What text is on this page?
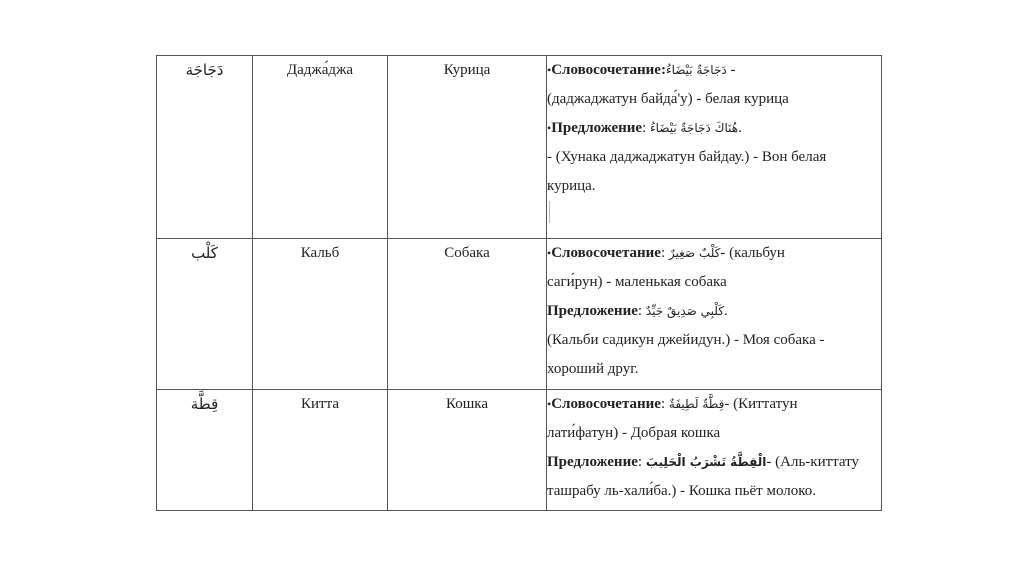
دَجَاجَة	Даджа́джа	Курица	•Словосочетание:دَجَاجَةٌ بَيْضَاءُ -
(даджаджатун байда́'у) - белая курица
•Предложение: هُنَاكَ دَجَاجَةٌ بَيْضَاءُ.
- (Хунака даджаджатун байдау.) - Вон белая
курица.

كَلْب	Кальб	Собака	•Словосочетание: كَلْبٌ صَغِيرٌ- (кальбун
саги́рун) - маленькая собака
Предложение: كَلْبِي صَدِيقٌ جَيِّدٌ.
(Кальби садикун джейидун.) - Моя собака -
хороший друг.

قِطَّة	Китта	Кошка	•Словосочетание: قِطَّةٌ لَطِيفَةٌ- (Киттатун
лати́фатун) - Добрая кошка
Предложение: الْقِطَّةُ تَشْرَبُ الْحَلِيبَ- (Аль-киттату
ташрабу ль-хали́ба.) - Кошка пьёт молоко.
